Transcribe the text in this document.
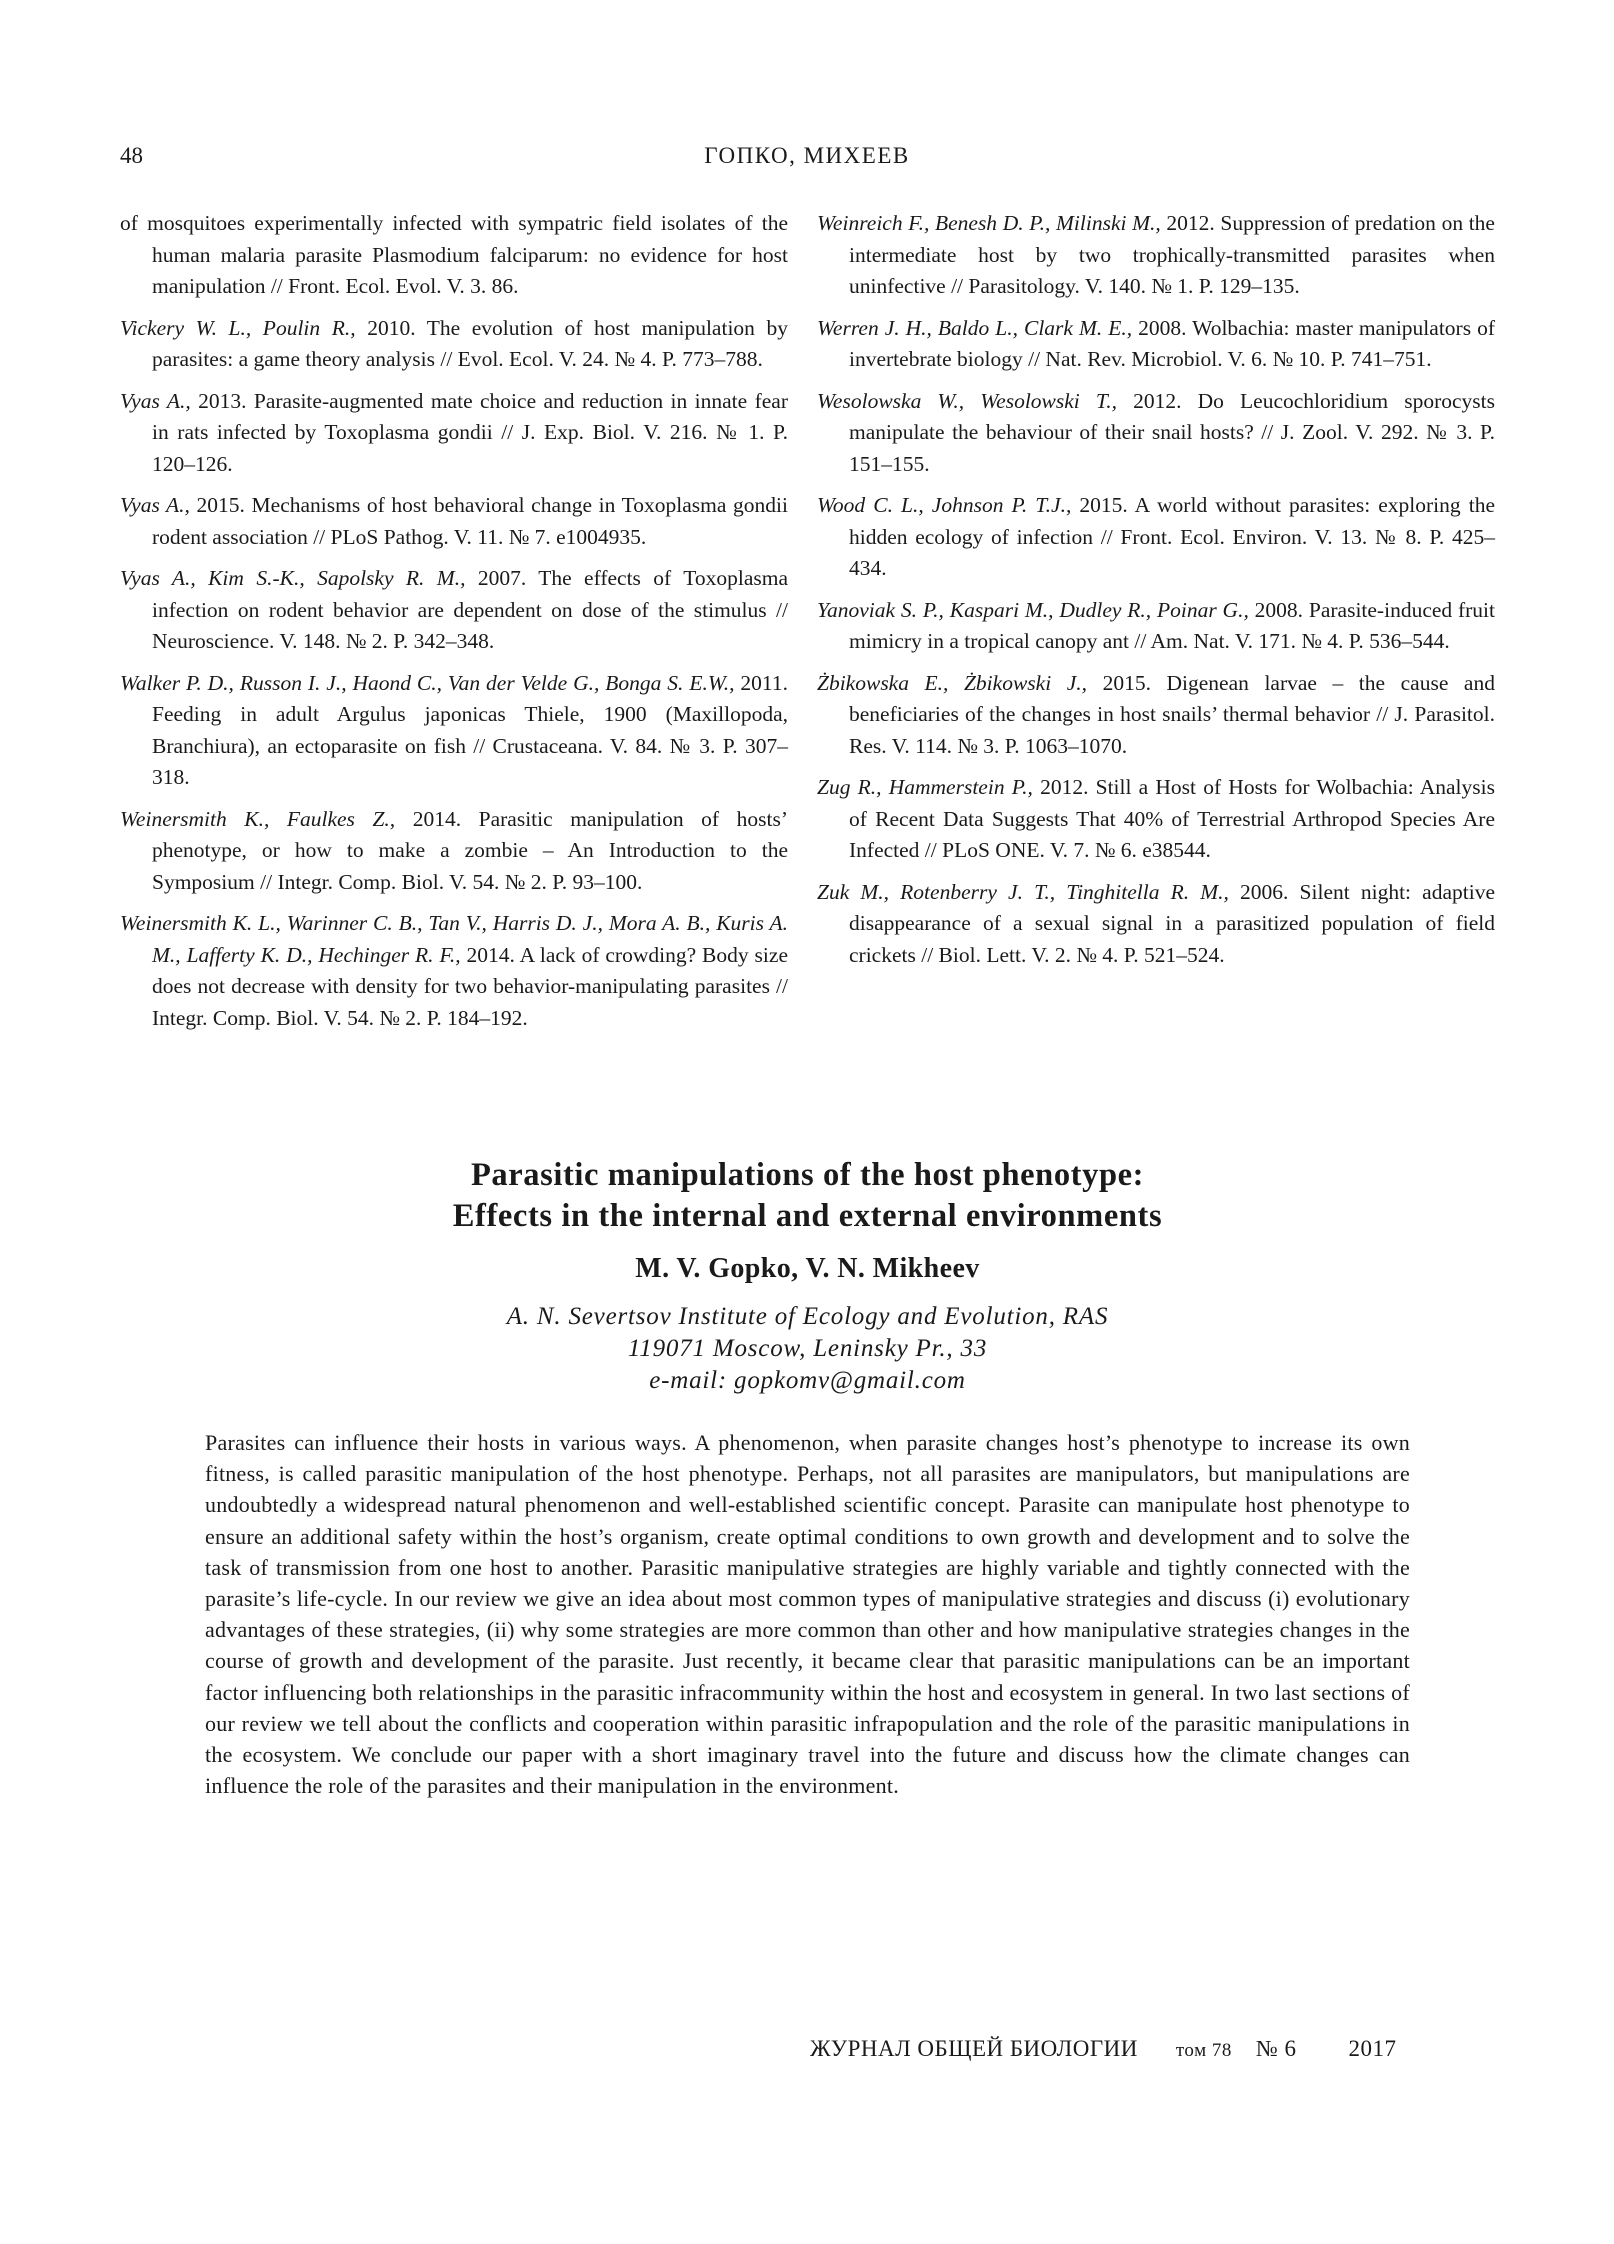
48	ГОПКО, МИХЕЕВ

of mosquitoes experimentally infected with sympatric field isolates of the human malaria parasite Plasmodium falciparum: no evidence for host manipulation // Front. Ecol. Evol. V. 3. 86.

Vickery W. L., Poulin R., 2010. The evolution of host manipulation by parasites: a game theory analysis // Evol. Ecol. V. 24. № 4. P. 773–788.

Vyas A., 2013. Parasite-augmented mate choice and reduction in innate fear in rats infected by Toxoplasma gondii // J. Exp. Biol. V. 216. № 1. P. 120–126.

Vyas A., 2015. Mechanisms of host behavioral change in Toxoplasma gondii rodent association // PLoS Pathog. V. 11. № 7. e1004935.

Vyas A., Kim S.-K., Sapolsky R. M., 2007. The effects of Toxoplasma infection on rodent behavior are dependent on dose of the stimulus // Neuroscience. V. 148. № 2. P. 342–348.

Walker P. D., Russon I. J., Haond C., Van der Velde G., Bonga S. E.W., 2011. Feeding in adult Argulus japonicas Thiele, 1900 (Maxillopoda, Branchiura), an ectoparasite on fish // Crustaceana. V. 84. № 3. P. 307–318.

Weinersmith K., Faulkes Z., 2014. Parasitic manipulation of hosts’ phenotype, or how to make a zombie – An Introduction to the Symposium // Integr. Comp. Biol. V. 54. № 2. P. 93–100.

Weinersmith K. L., Warinner C. B., Tan V., Harris D. J., Mora A. B., Kuris A. M., Lafferty K. D., Hechinger R. F., 2014. A lack of crowding? Body size does not decrease with density for two behavior-manipulating parasites // Integr. Comp. Biol. V. 54. № 2. P. 184–192.

Weinreich F., Benesh D. P., Milinski M., 2012. Suppression of predation on the intermediate host by two trophically-transmitted parasites when uninfective // Parasitology. V. 140. № 1. P. 129–135.

Werren J. H., Baldo L., Clark M. E., 2008. Wolbachia: master manipulators of invertebrate biology // Nat. Rev. Microbiol. V. 6. № 10. P. 741–751.

Wesolowska W., Wesolowski T., 2012. Do Leucochloridium sporocysts manipulate the behaviour of their snail hosts? // J. Zool. V. 292. № 3. P. 151–155.

Wood C. L., Johnson P. T.J., 2015. A world without parasites: exploring the hidden ecology of infection // Front. Ecol. Environ. V. 13. № 8. P. 425–434.

Yanoviak S. P., Kaspari M., Dudley R., Poinar G., 2008. Parasite-induced fruit mimicry in a tropical canopy ant // Am. Nat. V. 171. № 4. P. 536–544.

Żbikowska E., Żbikowski J., 2015. Digenean larvae – the cause and beneficiaries of the changes in host snails’ thermal behavior // J. Parasitol. Res. V. 114. № 3. P. 1063–1070.

Zug R., Hammerstein P., 2012. Still a Host of Hosts for Wolbachia: Analysis of Recent Data Suggests That 40% of Terrestrial Arthropod Species Are Infected // PLoS ONE. V. 7. № 6. e38544.

Zuk M., Rotenberry J. T., Tinghitella R. M., 2006. Silent night: adaptive disappearance of a sexual signal in a parasitized population of field crickets // Biol. Lett. V. 2. № 4. P. 521–524.

Parasitic manipulations of the host phenotype:
Effects in the internal and external environments

M. V. Gopko, V. N. Mikheev

A. N. Severtsov Institute of Ecology and Evolution, RAS
119071 Moscow, Leninsky Pr., 33
e-mail: gopkomv@gmail.com

Parasites can influence their hosts in various ways. A phenomenon, when parasite changes host’s phenotype to increase its own fitness, is called parasitic manipulation of the host phenotype. Perhaps, not all parasites are manipulators, but manipulations are undoubtedly a widespread natural phenomenon and well-established scientific concept. Parasite can manipulate host phenotype to ensure an additional safety within the host’s organism, create optimal conditions to own growth and development and to solve the task of transmission from one host to another. Parasitic manipulative strategies are highly variable and tightly connected with the parasite’s life-cycle. In our review we give an idea about most common types of manipulative strategies and discuss (i) evolutionary advantages of these strategies, (ii) why some strategies are more common than other and how manipulative strategies changes in the course of growth and development of the parasite. Just recently, it became clear that parasitic manipulations can be an important factor influencing both relationships in the parasitic infracommunity within the host and ecosystem in general. In two last sections of our review we tell about the conflicts and cooperation within parasitic infrapopulation and the role of the parasitic manipulations in the ecosystem. We conclude our paper with a short imaginary travel into the future and discuss how the climate changes can influence the role of the parasites and their manipulation in the environment.

ЖУРНАЛ ОБЩЕЙ БИОЛОГИИ том 78 № 6 2017
